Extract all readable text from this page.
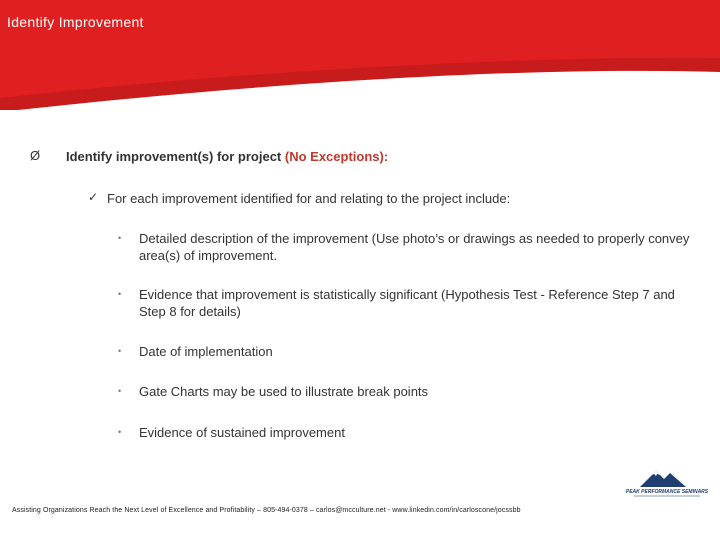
Identify Improvement
Ø Identify improvement(s) for project (No Exceptions):
✓ For each improvement identified for and relating to the project include:
• Detailed description of the improvement (Use photo’s or drawings as needed to properly convey area(s) of improvement.
• Evidence that improvement is statistically significant (Hypothesis Test - Reference Step 7 and Step 8 for details)
• Date of implementation
• Gate Charts may be used to illustrate break points
• Evidence of sustained improvement
PEAK PERFORMANCE SEMINARS
Assisting Organizations Reach the Next Level of Excellence and Profitability – 805-494-0378 – carlos@mcculture.net - www.linkedin.com/in/carloscone/jocssbb
